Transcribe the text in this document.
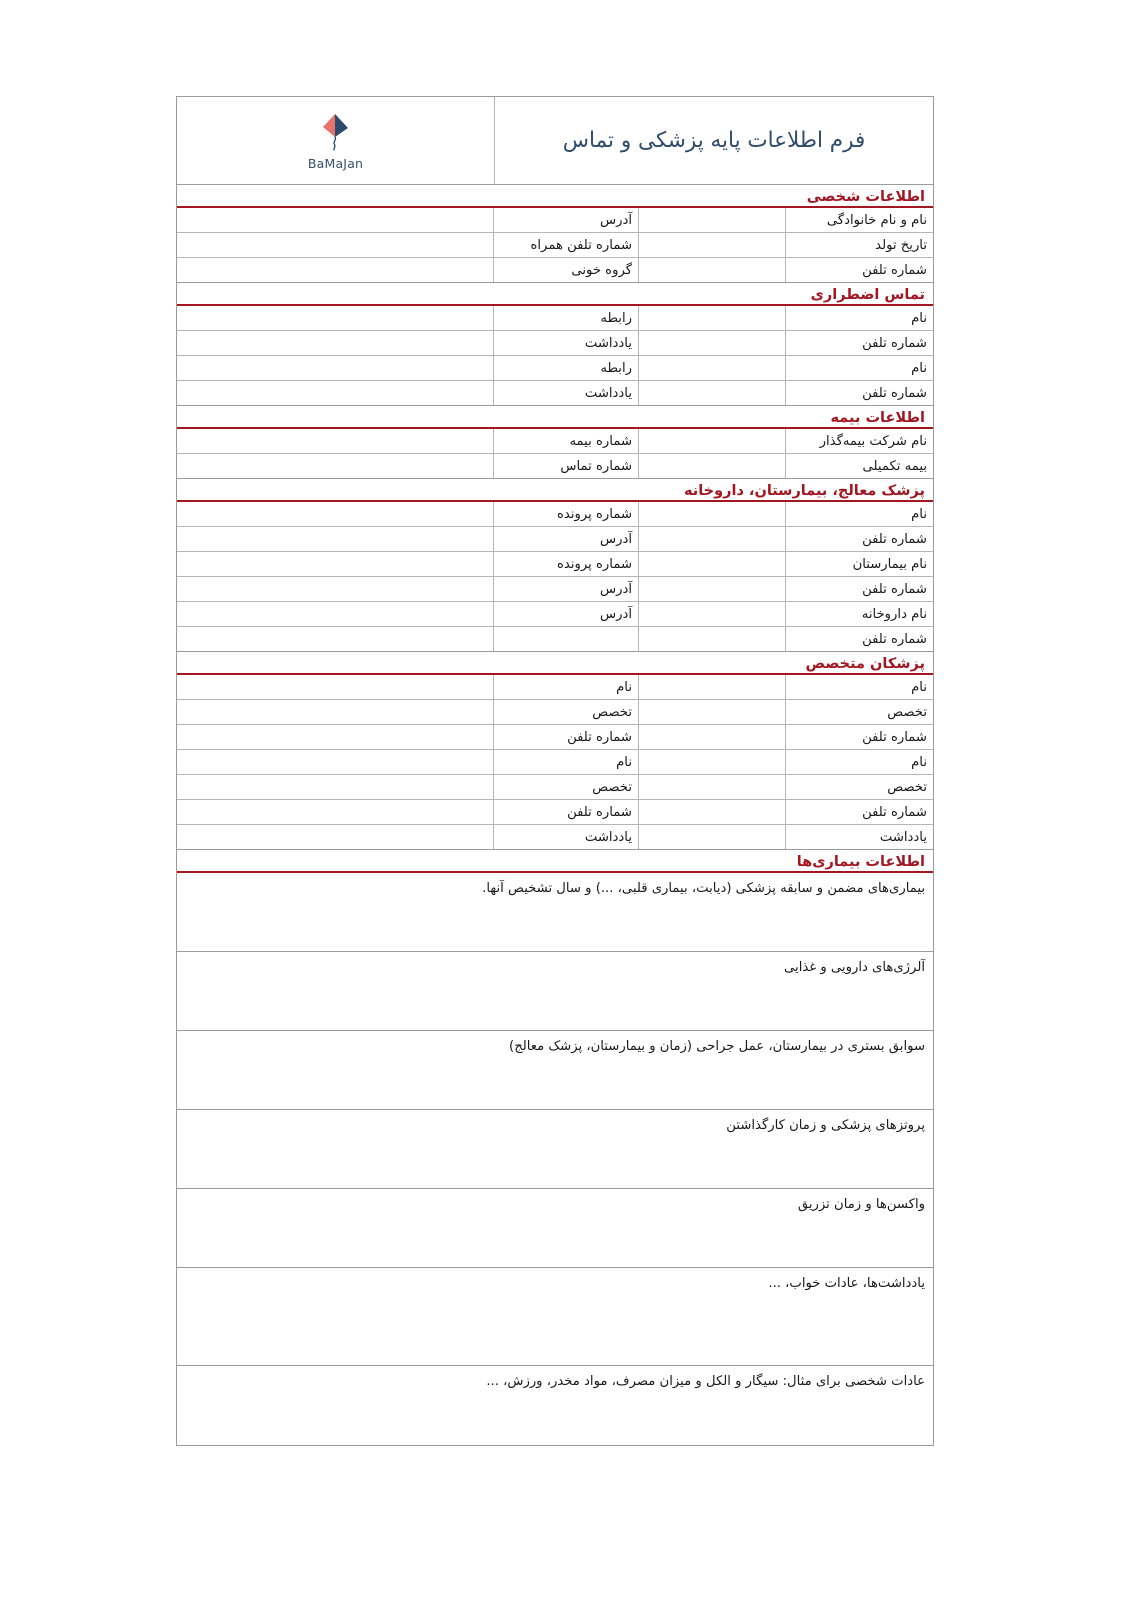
فرم اطلاعات پایه پزشکی و تماس
BaMaJan
اطلاعات شخصی
نام و نام خانوادگی
آدرس
تاریخ تولد
شماره تلفن همراه
شماره تلفن
گروه خونی
تماس اضطراری
نام
رابطه
شماره تلفن
یادداشت
نام
رابطه
شماره تلفن
یادداشت
اطلاعات بیمه
نام شرکت بیمه‌گذار
شماره بیمه
بیمه تکمیلی
شماره تماس
پزشک معالج، بیمارستان، داروخانه
نام
شماره پرونده
شماره تلفن
آدرس
نام بیمارستان
شماره پرونده
شماره تلفن
آدرس
نام داروخانه
آدرس
شماره تلفن
پزشکان متخصص
نام
نام
تخصص
تخصص
شماره تلفن
شماره تلفن
نام
نام
تخصص
تخصص
شماره تلفن
شماره تلفن
یادداشت
یادداشت
اطلاعات بیماری‌ها
بیماری‌های مضمن و سابقه پزشکی (دیابت، بیماری قلبی، ...) و سال تشخیص آنها.
آلرژی‌های دارویی و غذایی
سوابق بستری در بیمارستان، عمل جراحی (زمان و بیمارستان، پزشک معالج)
پروتزهای پزشکی و زمان کارگذاشتن
واکسن‌ها و زمان تزریق
یادداشت‌ها، عادات خواب، ...
عادات شخصی برای مثال: سیگار و الکل و میزان مصرف، مواد مخدر، ورزش، ...
